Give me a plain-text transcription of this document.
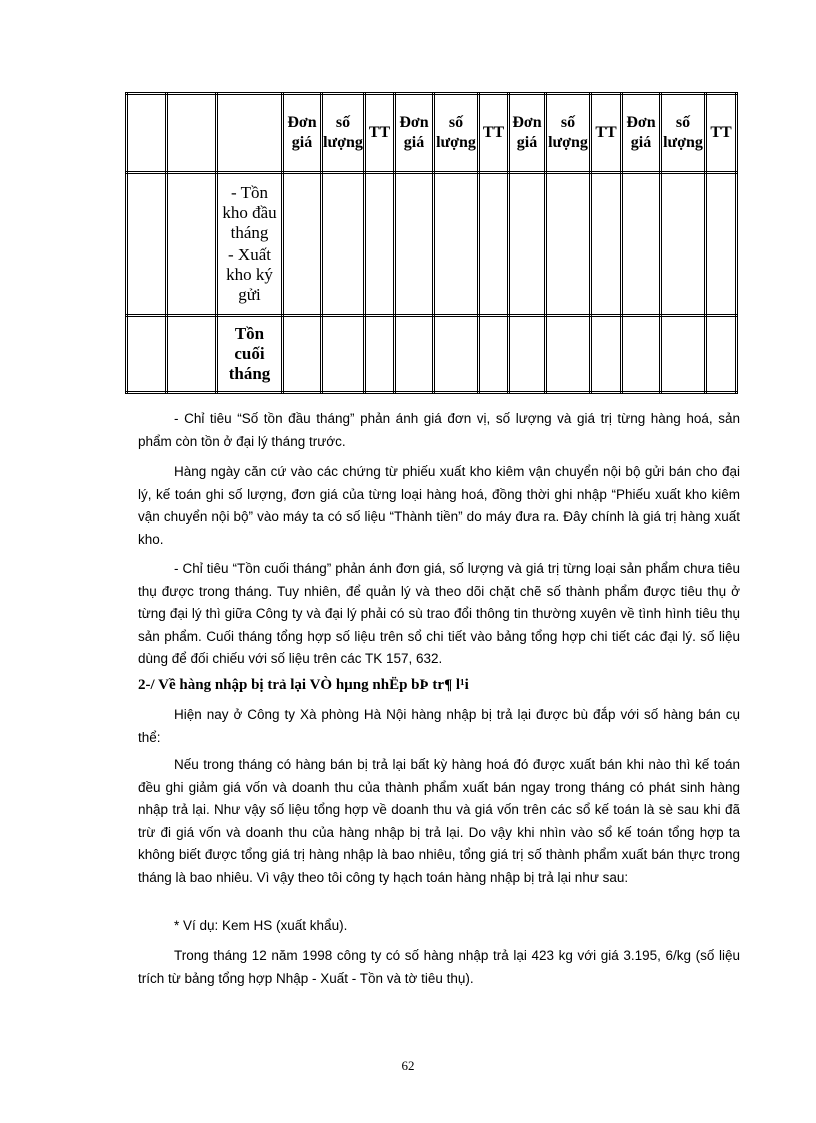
			Đơn giá	số lượng	TT	Đơn giá	số lượng	TT	Đơn giá	số lượng	TT	Đơn giá	số lượng	TT

		- Tồn kho đầu tháng
- Xuất kho ký gửi												

		Tồn cuối tháng												

- Chỉ tiêu “Số tồn đầu tháng” phản ánh giá đơn vị, số lượng và giá trị từng hàng hoá, sản phẩm còn tồn ở đại lý tháng trước.

Hàng ngày căn cứ vào các chứng từ phiếu xuất kho kiêm vận chuyển nội bộ gửi bán cho đại lý, kế toán ghi số lượng, đơn giá của từng loại hàng hoá, đồng thời ghi nhập “Phiếu xuất kho kiêm vận chuyển nội bộ” vào máy ta có số liệu “Thành tiền” do máy đưa ra. Đây chính là giá trị hàng xuất kho.

- Chỉ tiêu “Tồn cuối tháng” phản ánh đơn giá, số lượng và giá trị từng loại sản phẩm chưa tiêu thụ được trong tháng. Tuy nhiên, để quản lý và theo dõi chặt chẽ số thành phẩm được tiêu thụ ở từng đại lý thì giữa Công ty và đại lý phải có sù trao đổi thông tin thường xuyên về tình hình tiêu thụ sản phẩm. Cuối tháng tổng hợp số liệu trên sổ chi tiết vào bảng tổng hợp chi tiết các đại lý. số liệu dùng để đối chiếu với số liệu trên các TK 157, 632.

2-/ Về hàng nhập bị trả lại VÒ hµng nhËp bÞ tr¶ l¹i

Hiện nay ở Công ty Xà phòng Hà Nội hàng nhập bị trả lại được bù đắp với số hàng bán cụ thể:

Nếu trong tháng có hàng bán bị trả lại bất kỳ hàng hoá đó được xuất bán khi nào thì kế toán đều ghi giảm giá vốn và doanh thu của thành phẩm xuất bán ngay trong tháng có phát sinh hàng nhập trả lại. Như vậy số liệu tổng hợp về doanh thu và giá vốn trên các sổ kế toán là sè sau khi đã trừ đi giá vốn và doanh thu của hàng nhập bị trả lại. Do vậy khi nhìn vào sổ kế toán tổng hợp ta không biết được tổng giá trị hàng nhập là bao nhiêu, tổng giá trị số thành phẩm xuất bán thực trong tháng là bao nhiêu. Vì vậy theo tôi công ty hạch toán hàng nhập bị trả lại như sau:

* Ví dụ: Kem HS (xuất khẩu).

Trong tháng 12 năm 1998 công ty có số hàng nhập trả lại 423 kg với giá 3.195, 6/kg (số liệu trích từ bảng tổng hợp Nhập - Xuất - Tồn và tờ tiêu thụ).

62
